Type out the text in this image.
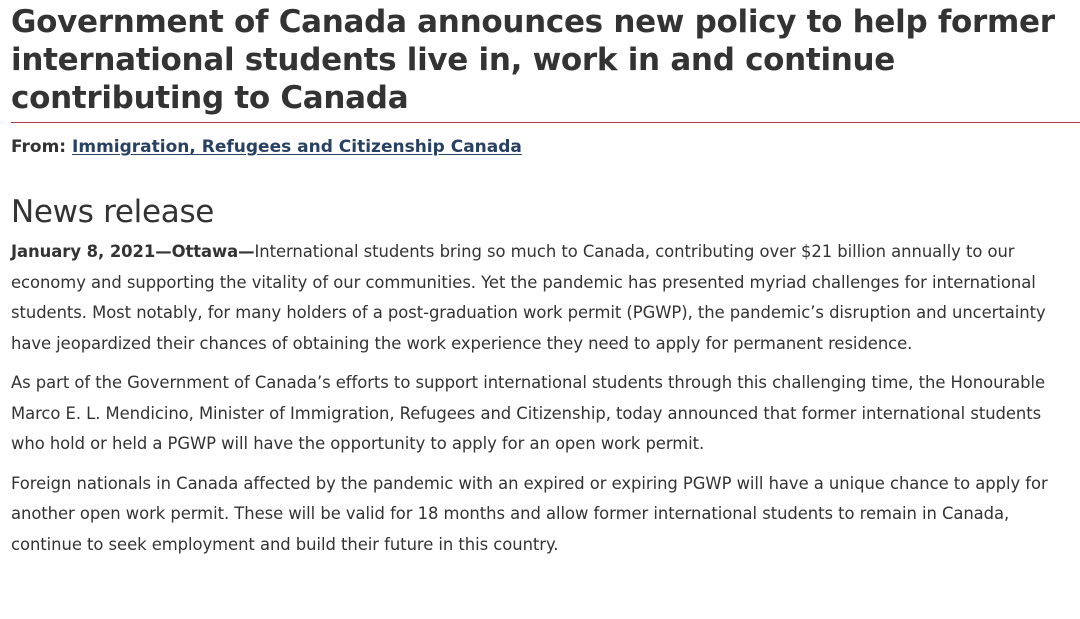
Government of Canada announces new policy to help former international students live in, work in and continue contributing to Canada
From: Immigration, Refugees and Citizenship Canada
News release

January 8, 2021—Ottawa—International students bring so much to Canada, contributing over $21 billion annually to our economy and supporting the vitality of our communities. Yet the pandemic has presented myriad challenges for international students. Most notably, for many holders of a post-graduation work permit (PGWP), the pandemic’s disruption and uncertainty have jeopardized their chances of obtaining the work experience they need to apply for permanent residence.

As part of the Government of Canada’s efforts to support international students through this challenging time, the Honourable Marco E. L. Mendicino, Minister of Immigration, Refugees and Citizenship, today announced that former international students who hold or held a PGWP will have the opportunity to apply for an open work permit.

Foreign nationals in Canada affected by the pandemic with an expired or expiring PGWP will have a unique chance to apply for another open work permit. These will be valid for 18 months and allow former international students to remain in Canada, continue to seek employment and build their future in this country.
